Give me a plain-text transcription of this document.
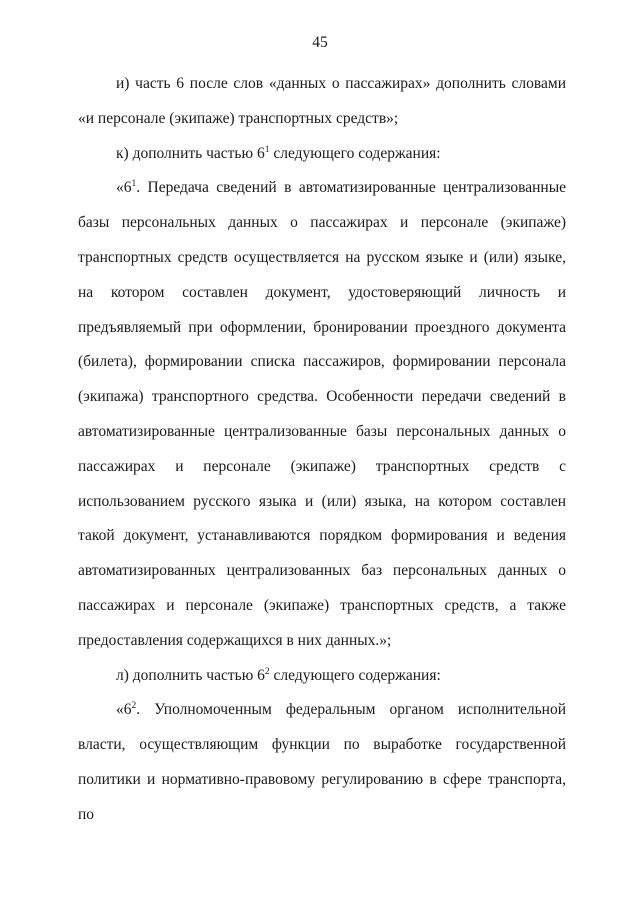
45

и) часть 6 после слов «данных о пассажирах» дополнить словами «и персонале (экипаже) транспортных средств»;

к) дополнить частью $6^1$ следующего содержания:

«$6^1$. Передача сведений в автоматизированные централизованные базы персональных данных о пассажирах и персонале (экипаже) транспортных средств осуществляется на русском языке и (или) языке, на котором составлен документ, удостоверяющий личность и предъявляемый при оформлении, бронировании проездного документа (билета), формировании списка пассажиров, формировании персонала (экипажа) транспортного средства. Особенности передачи сведений в автоматизированные централизованные базы персональных данных о пассажирах и персонале (экипаже) транспортных средств с использованием русского языка и (или) языка, на котором составлен такой документ, устанавливаются порядком формирования и ведения автоматизированных централизованных баз персональных данных о пассажирах и персонале (экипаже) транспортных средств, а также предоставления содержащихся в них данных.»;

л) дополнить частью $6^2$ следующего содержания:

«$6^2$. Уполномоченным федеральным органом исполнительной власти, осуществляющим функции по выработке государственной политики и нормативно-правовому регулированию в сфере транспорта, по
